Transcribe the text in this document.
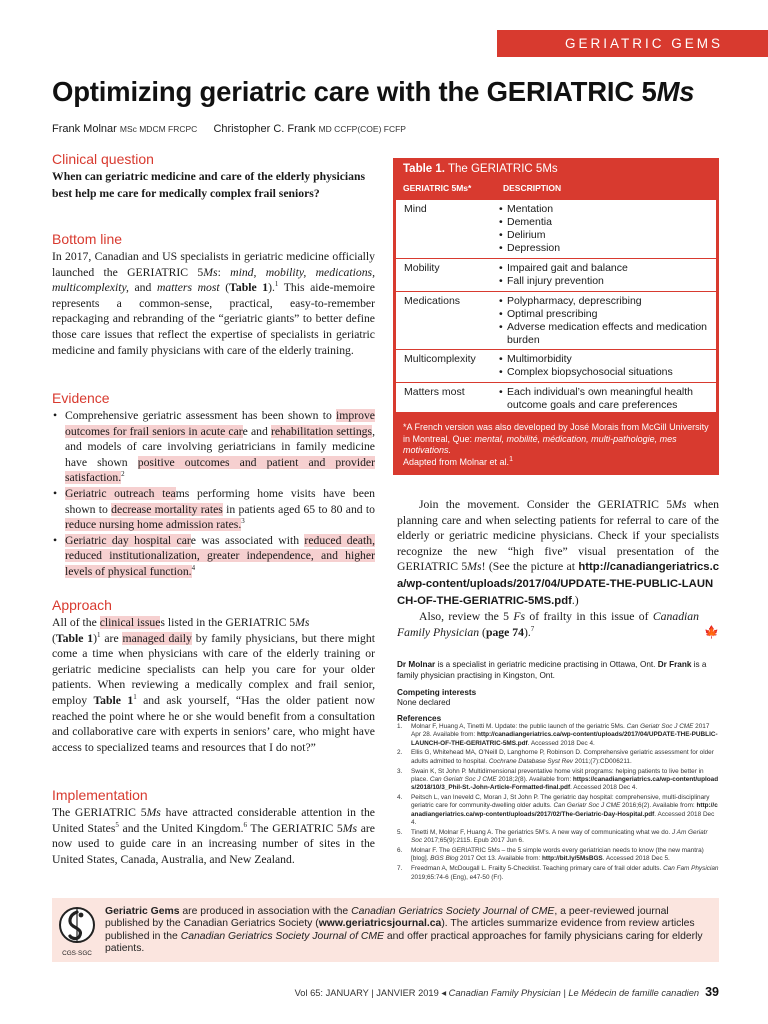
GERIATRIC GEMS
Optimizing geriatric care with the GERIATRIC 5Ms
Frank Molnar MSc MDCM FRCPC Christopher C. Frank MD CCFP(COE) FCFP
Clinical question
When can geriatric medicine and care of the elderly physicians best help me care for medically complex frail seniors?
Bottom line
In 2017, Canadian and US specialists in geriatric medicine officially launched the GERIATRIC 5Ms: mind, mobility, medications, multicomplexity, and matters most (Table 1).$^1$ This aide-memoire represents a common-sense, practical, easy-to-remember repackaging and rebranding of the “geriatric giants” to better define those care issues that reflect the expertise of specialists in geriatric medicine and family physicians with care of the elderly training.
Evidence
• Comprehensive geriatric assessment has been shown to improve outcomes for frail seniors in acute care and rehabilitation settings, and models of care involving geriatricians in family medicine have shown positive outcomes and patient and provider satisfaction.$^2$
• Geriatric outreach teams performing home visits have been shown to decrease mortality rates in patients aged 65 to 80 and to reduce nursing home admission rates.$^3$
• Geriatric day hospital care was associated with reduced death, reduced institutionalization, greater independence, and higher levels of physical function.$^4$
Approach
All of the clinical issues listed in the GERIATRIC 5Ms
(Table 1)$^1$ are managed daily by family physicians, but there might come a time when physicians with care of the elderly training or geriatric medicine specialists can help you care for your older patients. When reviewing a medically complex and frail senior, employ Table $1^1$ and ask yourself, “Has the older patient now reached the point where he or she would benefit from a consultation and collaborative care with experts in seniors’ care, who might have access to specialized teams and resources that I do not?”
Implementation
The GERIATRIC 5Ms have attracted considerable attention in the United States$^5$ and the United Kingdom.$^6$ The GERIATRIC 5Ms are now used to guide care in an increasing number of sites in the United States, Canada, Australia, and New Zealand.
Table 1. The GERIATRIC 5Ms
GERIATRIC 5Ms*	DESCRIPTION
Mind	• Mentation
• Dementia
• Delirium
• Depression
Mobility	• Impaired gait and balance
• Fall injury prevention
Medications	• Polypharmacy, deprescribing
• Optimal prescribing
• Adverse medication effects and medication burden
Multicomplexity	• Multimorbidity
• Complex biopsychosocial situations
Matters most	• Each individual’s own meaningful health outcome goals and care preferences
*A French version was also developed by José Morais from McGill University in Montreal, Que: mental, mobilité, médication, multi-pathologie, mes motivations.
Adapted from Molnar et al.$^1$

Join the movement. Consider the GERIATRIC 5Ms when planning care and when selecting patients for referral to care of the elderly or geriatric medicine physicians. Check if your specialists recognize the new “high five” visual presentation of the GERIATRIC 5Ms! (See the picture at http://canadiangeriatrics.ca/wp-content/uploads/2017/04/UPDATE-THE-PUBLIC-LAUNCH-OF-THE-GERIATRIC-5MS.pdf.)

Also, review the 5 Fs of frailty in this issue of Canadian Family Physician (page 74).$^7$	🍁

Dr Molnar is a specialist in geriatric medicine practising in Ottawa, Ont. Dr Frank is a family physician practising in Kingston, Ont.
Competing interests
None declared
References
1. Molnar F, Huang A, Tinetti M. Update: the public launch of the geriatric 5Ms. Can Geriatr Soc J CME 2017 Apr 28. Available from: http://canadiangeriatrics.ca/wp-content/uploads/2017/04/UPDATE-THE-PUBLIC-LAUNCH-OF-THE-GERIATRIC-5MS.pdf. Accessed 2018 Dec 4.
2. Ellis G, Whitehead MA, O’Neill D, Langhorne P, Robinson D. Comprehensive geriatric assessment for older adults admitted to hospital. Cochrane Database Syst Rev 2011;(7):CD006211.
3. Swain K, St John P. Multidimensional preventative home visit programs: helping patients to live better in place. Can Geriatr Soc J CME 2018;2(8). Available from: https://canadiangeriatrics.ca/wp-content/uploads/2018/10/3_Phil-St.-John-Article-Formatted-final.pdf. Accessed 2018 Dec 4.
4. Peitsch L, van Ineveld C, Moran J, St John P. The geriatric day hospital: comprehensive, multi-disciplinary geriatric care for community-dwelling older adults. Can Geriatr Soc J CME 2016;6(2). Available from: http://canadiangeriatrics.ca/wp-content/uploads/2017/02/The-Geriatric-Day-Hospital.pdf. Accessed 2018 Dec 4.
5. Tinetti M, Molnar F, Huang A. The geriatrics 5M’s. A new way of communicating what we do. J Am Geriatr Soc 2017;65(9):2115. Epub 2017 Jun 6.
6. Molnar F. The GERIATRIC 5Ms – the 5 simple words every geriatrician needs to know (the new mantra) [blog]. BGS Blog 2017 Oct 13. Available from: http://bit.ly/5MsBGS. Accessed 2018 Dec 5.
7. Freedman A, McDougall L. Frailty 5-Checklist. Teaching primary care of frail older adults. Can Fam Physician 2019;65:74-6 (Eng), e47-50 (Fr).
CGS·SGC
Geriatric Gems are produced in association with the Canadian Geriatrics Society Journal of CME, a peer-reviewed journal published by the Canadian Geriatrics Society (www.geriatricsjournal.ca). The articles summarize evidence from review articles published in the Canadian Geriatrics Society Journal of CME and offer practical approaches for family physicians caring for elderly patients.
Vol 65: JANUARY | JANVIER 2019 ◂ Canadian Family Physician | Le Médecin de famille canadien 39
